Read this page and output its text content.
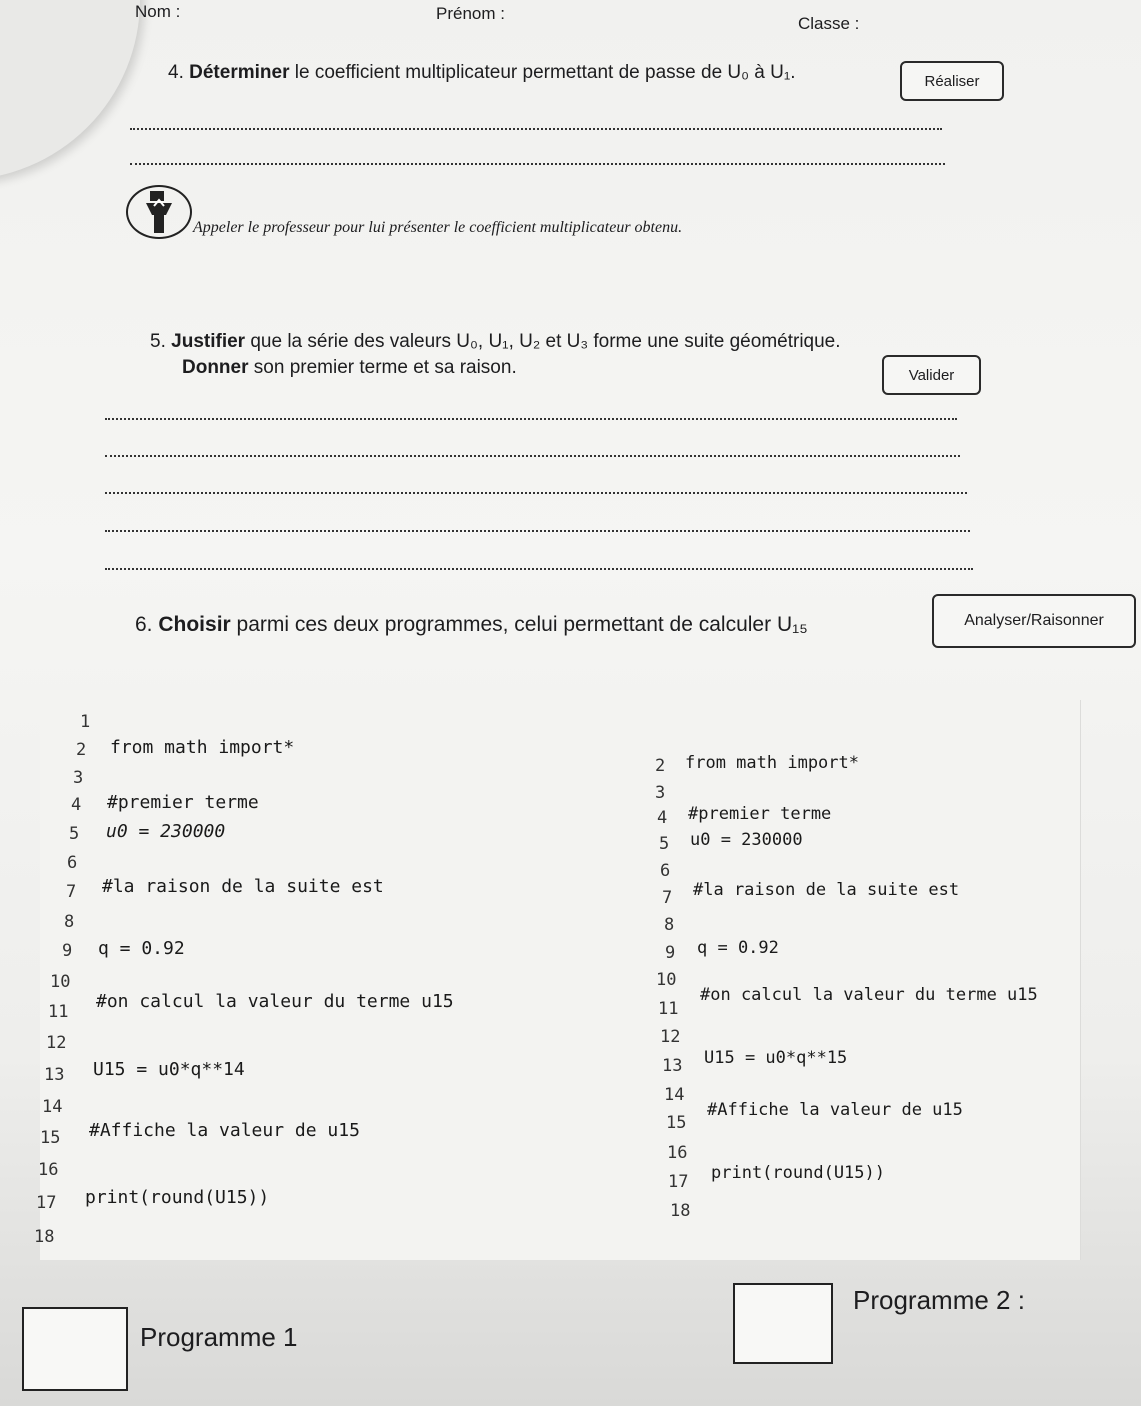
Nom :	Prénom :
Classe :
4. Déterminer le coefficient multiplicateur permettant de passe de U₀ à U₁.	Réaliser
Appeler le professeur pour lui présenter le coefficient multiplicateur obtenu.
5. Justifier que la série des valeurs U₀, U₁, U₂ et U₃ forme une suite géométrique.
Donner son premier terme et sa raison.	Valider
6. Choisir parmi ces deux programmes, celui permettant de calculer U₁₅	Analyser/Raisonner
1
2
3
4
5
6
7
8
9
10
11
12
13
14
15
16
17
18
from math import*
#premier terme
u0 = 230000
#la raison de la suite est
q = 0.92
#on calcul la valeur du terme u15
U15 = u0*q**14
#Affiche la valeur de u15
print(round(U15))
2
3
4
5
6
7
8
9
10
11
12
13
14
15
16
17
18
from math import*
#premier terme
u0 = 230000
#la raison de la suite est
q = 0.92
#on calcul la valeur du terme u15
U15 = u0*q**15
#Affiche la valeur de u15
print(round(U15))
Programme 1
Programme 2 :
